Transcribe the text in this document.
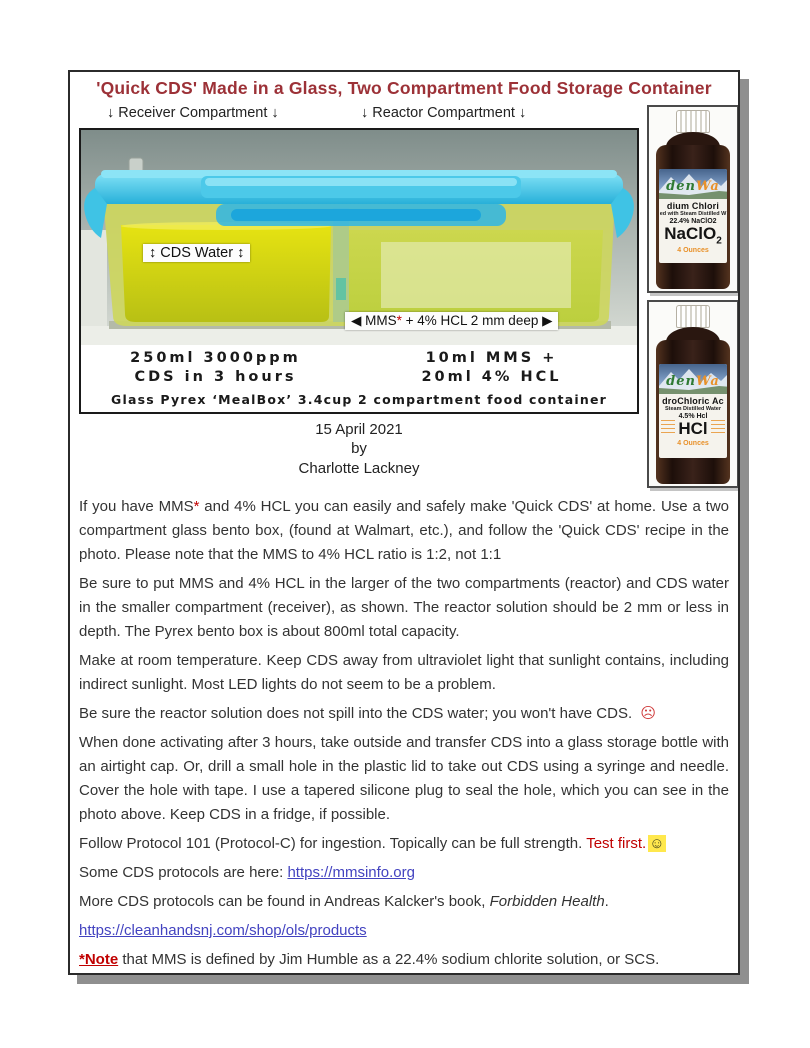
'Quick CDS' Made in a Glass, Two Compartment Food Storage Container
↓ Receiver Compartment ↓	↓ Reactor Compartment ↓
↕ CDS Water ↕
◀ MMS* + 4% HCL 2 mm deep ▶
250ml 3000ppm
CDS in 3 hours
10ml MMS +
20ml 4% HCL
Glass Pyrex ‘MealBox’ 3.4cup 2 compartment food container
15 April 2021
by
Charlotte Lackney
denWa
dium Chlori
ed with Steam Distilled W
22.4% NaClO2
NaClO$_2$
4 Ounces
denWa
droChloric Ac
Steam Distilled Water
4.5% Hcl
HCl
4 Ounces

If you have MMS* and 4% HCL you can easily and safely make 'Quick CDS' at home. Use a two compartment glass bento box, (found at Walmart, etc.), and follow the 'Quick CDS' recipe in the photo. Please note that the MMS to 4% HCL ratio is 1:2, not 1:1

Be sure to put MMS and 4% HCL in the larger of the two compartments (reactor) and CDS water in the smaller compartment (receiver), as shown. The reactor solution should be 2 mm or less in depth. The Pyrex bento box is about 800ml total capacity.

Make at room temperature. Keep CDS away from ultraviolet light that sunlight contains, including indirect sunlight. Most LED lights do not seem to be a problem.

Be sure the reactor solution does not spill into the CDS water; you won't have CDS. ☹

When done activating after 3 hours, take outside and transfer CDS into a glass storage bottle with an airtight cap. Or, drill a small hole in the plastic lid to take out CDS using a syringe and needle. Cover the hole with tape. I use a tapered silicone plug to seal the hole, which you can see in the photo above. Keep CDS in a fridge, if possible.

Follow Protocol 101 (Protocol-C) for ingestion. Topically can be full strength. Test first. ☺

Some CDS protocols are here: https://mmsinfo.org

More CDS protocols can be found in Andreas Kalcker's book, Forbidden Health.

https://cleanhandsnj.com/shop/ols/products

*Note that MMS is defined by Jim Humble as a 22.4% sodium chlorite solution, or SCS.
